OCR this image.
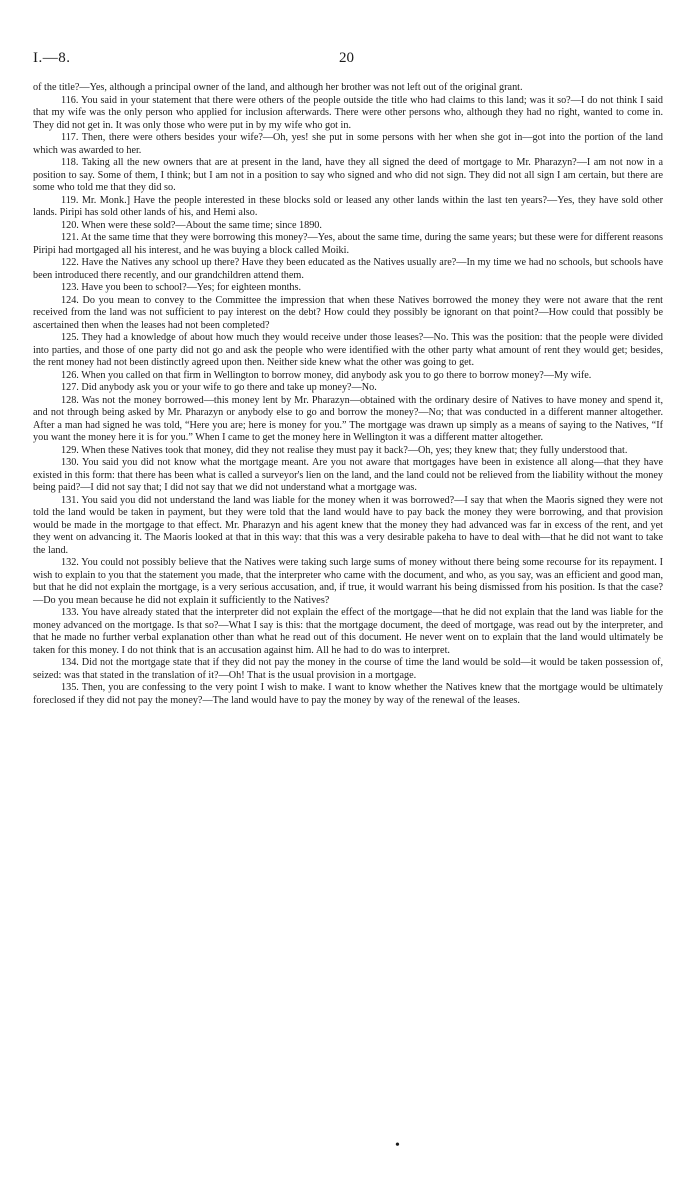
I.—8.	20

of the title?—Yes, although a principal owner of the land, and although her brother was not left out of the original grant.

116. You said in your statement that there were others of the people outside the title who had claims to this land; was it so?—I do not think I said that my wife was the only person who applied for inclusion afterwards. There were other persons who, although they had no right, wanted to come in. They did not get in. It was only those who were put in by my wife who got in.

117. Then, there were others besides your wife?—Oh, yes! she put in some persons with her when she got in—got into the portion of the land which was awarded to her.

118. Taking all the new owners that are at present in the land, have they all signed the deed of mortgage to Mr. Pharazyn?—I am not now in a position to say. Some of them, I think; but I am not in a position to say who signed and who did not sign. They did not all sign I am certain, but there are some who told me that they did so.

119. Mr. Monk.] Have the people interested in these blocks sold or leased any other lands within the last ten years?—Yes, they have sold other lands. Piripi has sold other lands of his, and Hemi also.

120. When were these sold?—About the same time; since 1890.

121. At the same time that they were borrowing this money?—Yes, about the same time, during the same years; but these were for different reasons Piripi had mortgaged all his interest, and he was buying a block called Moiki.

122. Have the Natives any school up there? Have they been educated as the Natives usually are?—In my time we had no schools, but schools have been introduced there recently, and our grandchildren attend them.

123. Have you been to school?—Yes; for eighteen months.

124. Do you mean to convey to the Committee the impression that when these Natives borrowed the money they were not aware that the rent received from the land was not sufficient to pay interest on the debt? How could they possibly be ignorant on that point?—How could that possibly be ascertained then when the leases had not been completed?

125. They had a knowledge of about how much they would receive under those leases?—No. This was the position: that the people were divided into parties, and those of one party did not go and ask the people who were identified with the other party what amount of rent they would get; besides, the rent money had not been distinctly agreed upon then. Neither side knew what the other was going to get.

126. When you called on that firm in Wellington to borrow money, did anybody ask you to go there to borrow money?—My wife.

127. Did anybody ask you or your wife to go there and take up money?—No.

128. Was not the money borrowed—this money lent by Mr. Pharazyn—obtained with the ordinary desire of Natives to have money and spend it, and not through being asked by Mr. Pharazyn or anybody else to go and borrow the money?—No; that was conducted in a different manner altogether. After a man had signed he was told, “Here you are; here is money for you.” The mortgage was drawn up simply as a means of saying to the Natives, “If you want the money here it is for you.” When I came to get the money here in Wellington it was a different matter altogether.

129. When these Natives took that money, did they not realise they must pay it back?—Oh, yes; they knew that; they fully understood that.

130. You said you did not know what the mortgage meant. Are you not aware that mortgages have been in existence all along—that they have existed in this form: that there has been what is called a surveyor's lien on the land, and the land could not be relieved from the liability without the money being paid?—I did not say that; I did not say that we did not understand what a mortgage was.

131. You said you did not understand the land was liable for the money when it was borrowed?—I say that when the Maoris signed they were not told the land would be taken in payment, but they were told that the land would have to pay back the money they were borrowing, and that provision would be made in the mortgage to that effect. Mr. Pharazyn and his agent knew that the money they had advanced was far in excess of the rent, and yet they went on advancing it. The Maoris looked at that in this way: that this was a very desirable pakeha to have to deal with—that he did not want to take the land.

132. You could not possibly believe that the Natives were taking such large sums of money without there being some recourse for its repayment. I wish to explain to you that the statement you made, that the interpreter who came with the document, and who, as you say, was an efficient and good man, but that he did not explain the mortgage, is a very serious accusation, and, if true, it would warrant his being dismissed from his position. Is that the case?—Do you mean because he did not explain it sufficiently to the Natives?

133. You have already stated that the interpreter did not explain the effect of the mortgage—that he did not explain that the land was liable for the money advanced on the mortgage. Is that so?—What I say is this: that the mortgage document, the deed of mortgage, was read out by the interpreter, and that he made no further verbal explanation other than what he read out of this document. He never went on to explain that the land would ultimately be taken for this money. I do not think that is an accusation against him. All he had to do was to interpret.

134. Did not the mortgage state that if they did not pay the money in the course of time the land would be sold—it would be taken possession of, seized: was that stated in the translation of it?—Oh! That is the usual provision in a mortgage.

135. Then, you are confessing to the very point I wish to make. I want to know whether the Natives knew that the mortgage would be ultimately foreclosed if they did not pay the money?—The land would have to pay the money by way of the renewal of the leases.

•
